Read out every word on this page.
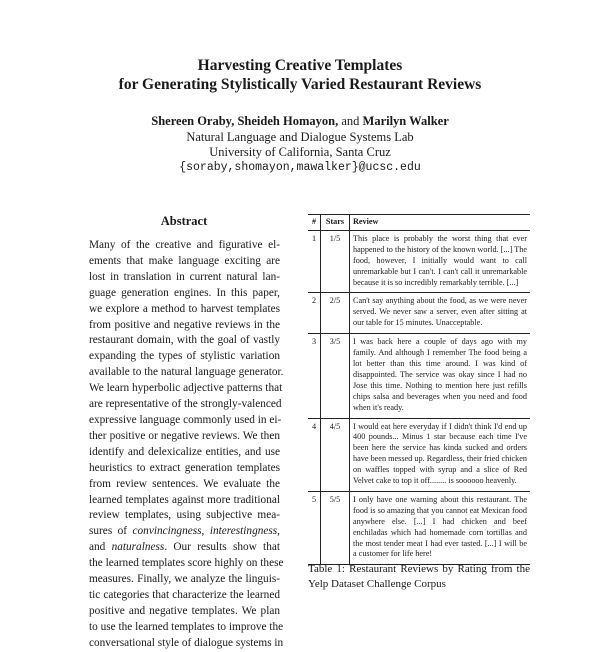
Harvesting Creative Templates
for Generating Stylistically Varied Restaurant Reviews
Shereen Oraby, Sheideh Homayon, and Marilyn Walker
Natural Language and Dialogue Systems Lab
University of California, Santa Cruz
{soraby,shomayon,mawalker}@ucsc.edu
Abstract
Many of the creative and figurative el-
ements that make language exciting are
lost in translation in current natural lan-
guage generation engines. In this paper,
we explore a method to harvest templates
from positive and negative reviews in the
restaurant domain, with the goal of vastly
expanding the types of stylistic variation
available to the natural language generator.
We learn hyperbolic adjective patterns that
are representative of the strongly-valenced
expressive language commonly used in ei-
ther positive or negative reviews. We then
identify and delexicalize entities, and use
heuristics to extract generation templates
from review sentences. We evaluate the
learned templates against more traditional
review templates, using subjective mea-
sures of convincingness, interestingness,
and naturalness. Our results show that
the learned templates score highly on these
measures. Finally, we analyze the linguis-
tic categories that characterize the learned
positive and negative templates. We plan
to use the learned templates to improve the
conversational style of dialogue systems in
#	Stars	Review
1	1/5	This place is probably the worst thing that ever happened to the history of the known world. [...] The food, however, I initially would want to call unremarkable but I can't. I can't call it unremarkable because it is so incredibly remarkably terrible. [...]
2	2/5	Can't say anything about the food, as we were never served. We never saw a server, even after sitting at our table for 15 minutes. Unacceptable.
3	3/5	I was back here a couple of days ago with my family. And although I remember The food being a lot better than this time around. I was kind of disappointed. The service was okay since I had no Jose this time. Nothing to mention here just refills chips salsa and beverages when you need and food when it's ready.
4	4/5	I would eat here everyday if I didn't think I'd end up 400 pounds... Minus 1 star because each time I've been here the service has kinda sucked and orders have been messed up. Regardless, their fried chicken on waffles topped with syrup and a slice of Red Velvet cake to top it off........ is soooooo heavenly.
5	5/5	I only have one warning about this restaurant. The food is so amazing that you cannot eat Mexican food anywhere else. [...] I had chicken and beef enchiladas which had homemade corn tortillas and the most tender meat I had ever tasted. [...] I will be a customer for life here!
Table 1: Restaurant Reviews by Rating from the Yelp Dataset Challenge Corpus
